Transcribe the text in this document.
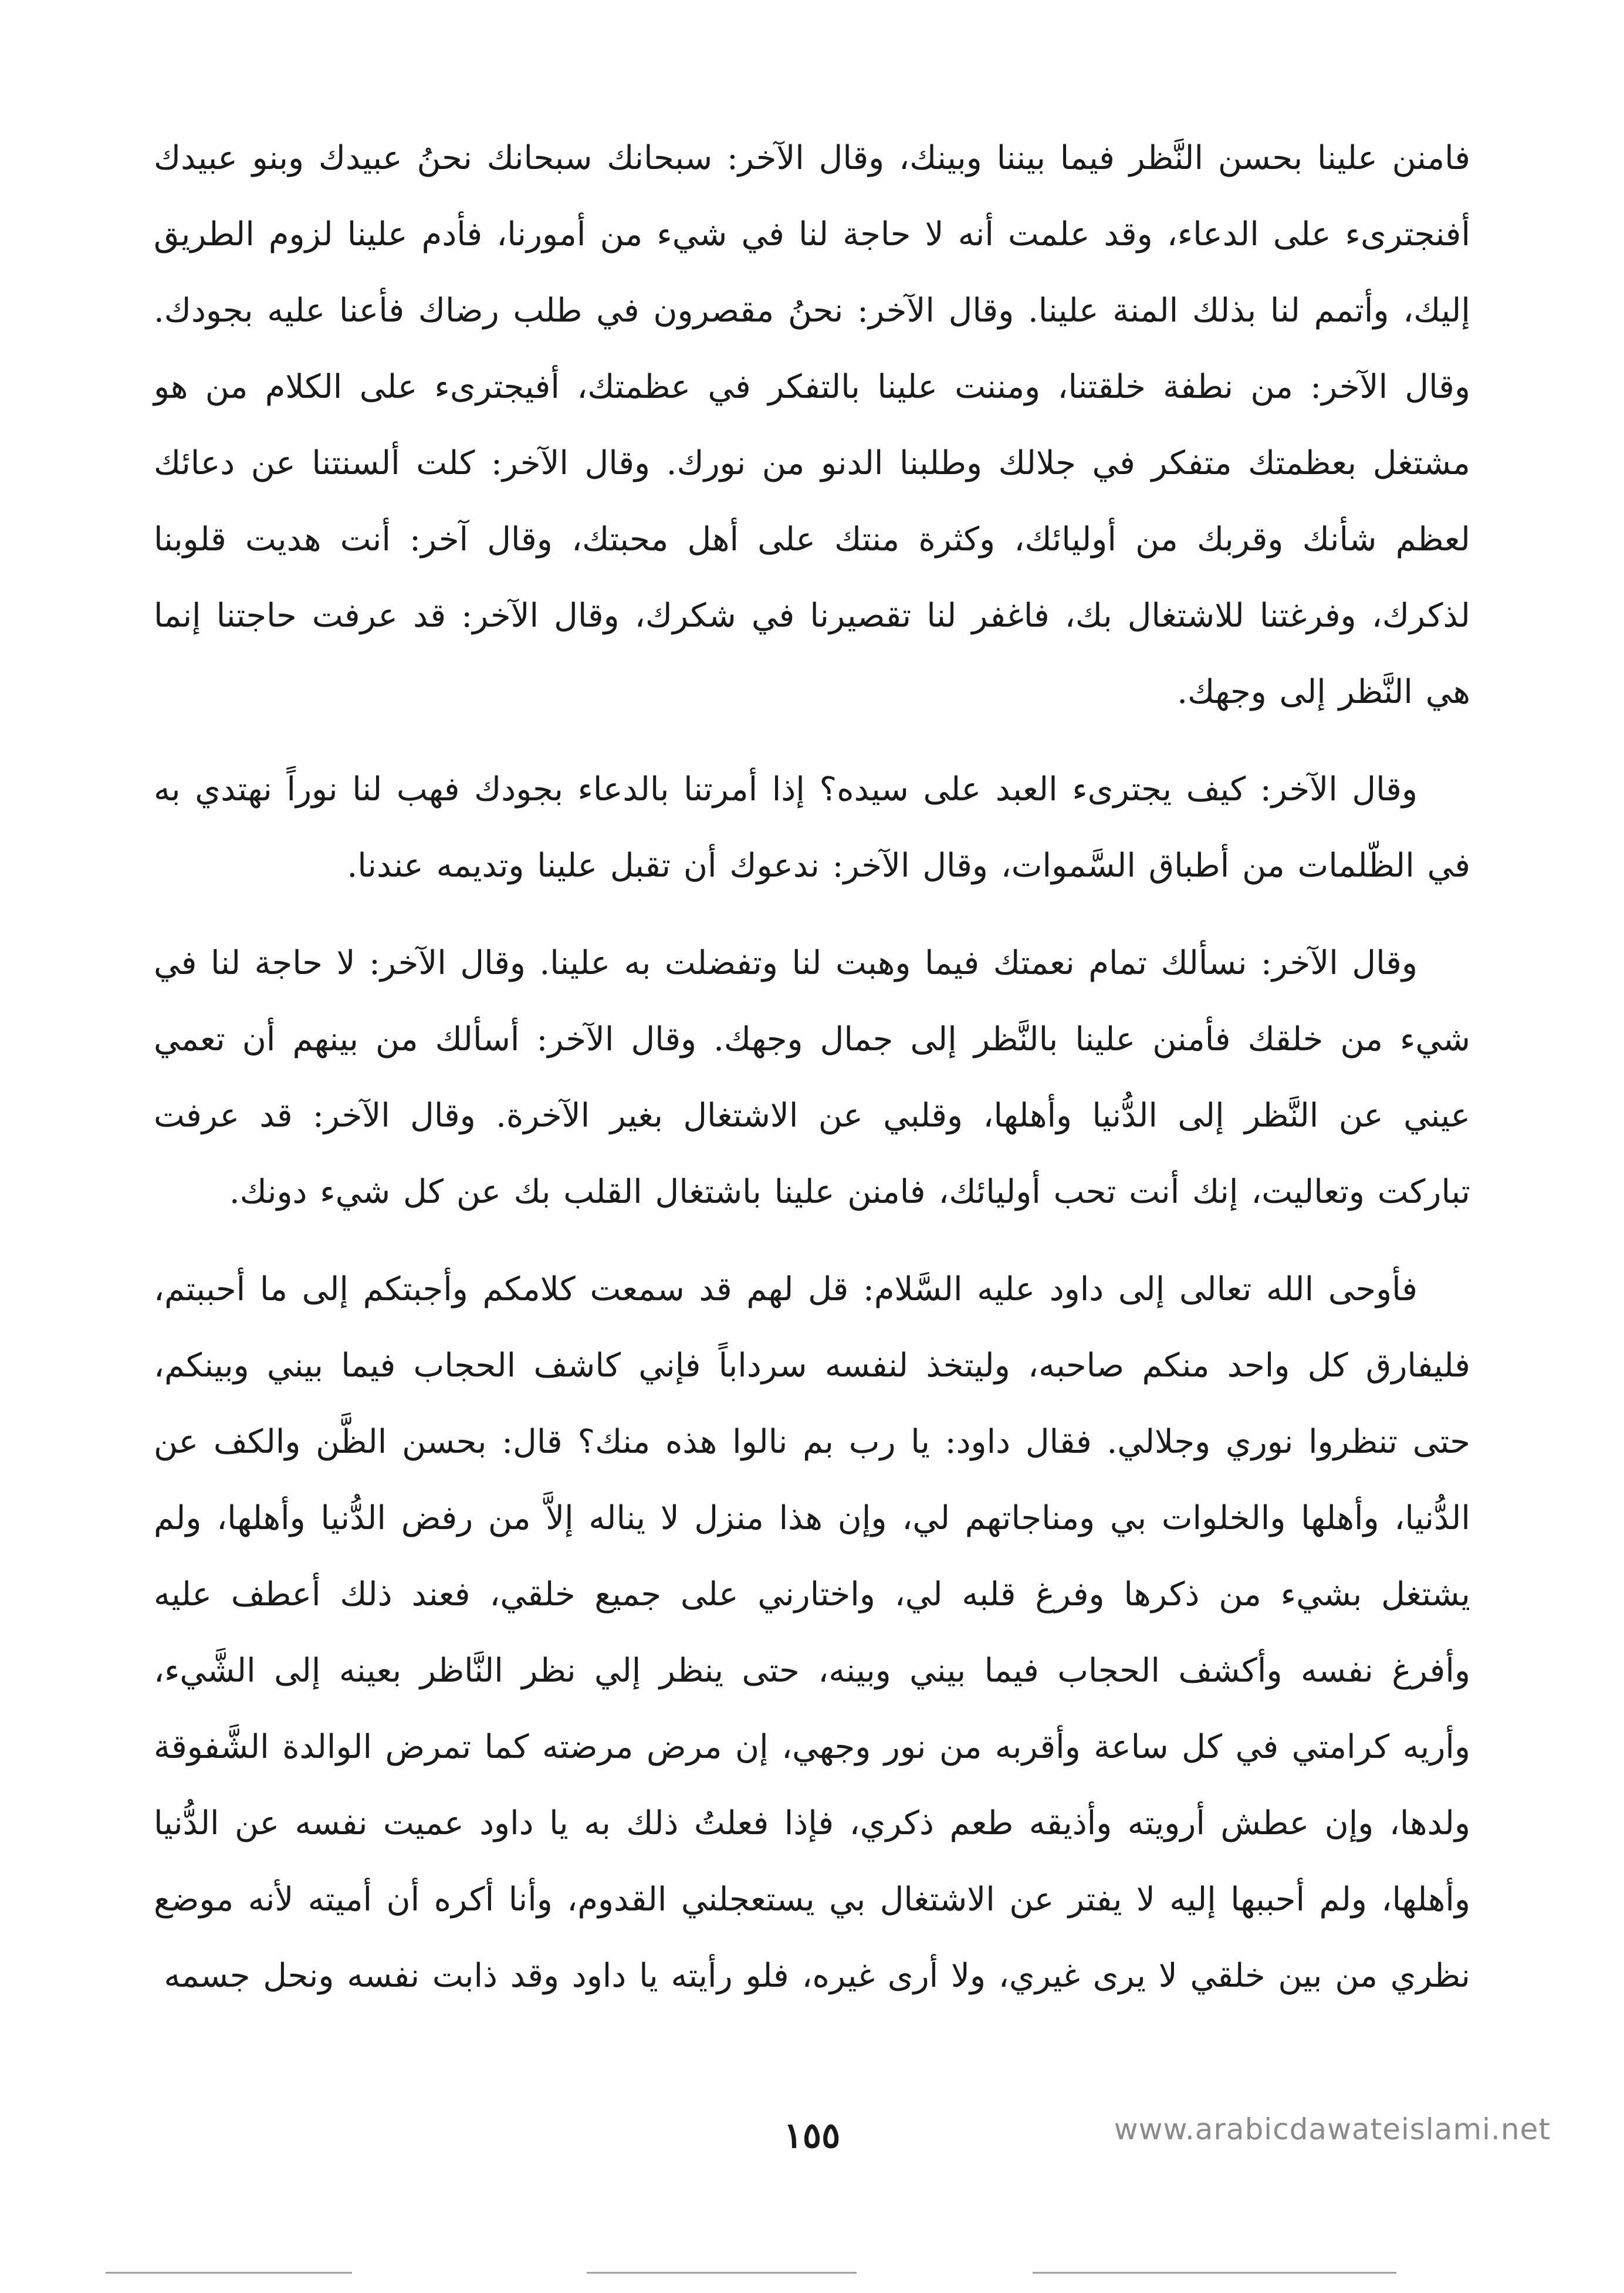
فامنن علينا بحسن النَّظر فيما بيننا وبينك، وقال الآخر: سبحانك سبحانك نحنُ عبيدك وبنو عبيدك أفنجترىء على الدعاء، وقد علمت أنه لا حاجة لنا في شيء من أمورنا، فأدم علينا لزوم الطريق إليك، وأتمم لنا بذلك المنة علينا. وقال الآخر: نحنُ مقصرون في طلب رضاك فأعنا عليه بجودك. وقال الآخر: من نطفة خلقتنا، ومننت علينا بالتفكر في عظمتك، أفيجترىء على الكلام من هو مشتغل بعظمتك متفكر في جلالك وطلبنا الدنو من نورك. وقال الآخر: كلت ألسنتنا عن دعائك لعظم شأنك وقربك من أوليائك، وكثرة منتك على أهل محبتك، وقال آخر: أنت هديت قلوبنا لذكرك، وفرغتنا للاشتغال بك، فاغفر لنا تقصيرنا في شكرك، وقال الآخر: قد عرفت حاجتنا إنما هي النَّظر إلى وجهك.

وقال الآخر: كيف يجترىء العبد على سيده؟ إذا أمرتنا بالدعاء بجودك فهب لنا نوراً نهتدي به في الظّلمات من أطباق السَّموات، وقال الآخر: ندعوك أن تقبل علينا وتديمه عندنا.

وقال الآخر: نسألك تمام نعمتك فيما وهبت لنا وتفضلت به علينا. وقال الآخر: لا حاجة لنا في شيء من خلقك فأمنن علينا بالنَّظر إلى جمال وجهك. وقال الآخر: أسألك من بينهم أن تعمي عيني عن النَّظر إلى الدُّنيا وأهلها، وقلبي عن الاشتغال بغير الآخرة. وقال الآخر: قد عرفت تباركت وتعاليت، إنك أنت تحب أوليائك، فامنن علينا باشتغال القلب بك عن كل شيء دونك.

فأوحى الله تعالى إلى داود عليه السَّلام: قل لهم قد سمعت كلامكم وأجبتكم إلى ما أحببتم، فليفارق كل واحد منكم صاحبه، وليتخذ لنفسه سرداباً فإني كاشف الحجاب فيما بيني وبينكم، حتى تنظروا نوري وجلالي. فقال داود: يا رب بم نالوا هذه منك؟ قال: بحسن الظَّن والكف عن الدُّنيا، وأهلها والخلوات بي ومناجاتهم لي، وإن هذا منزل لا يناله إلاَّ من رفض الدُّنيا وأهلها، ولم يشتغل بشيء من ذكرها وفرغ قلبه لي، واختارني على جميع خلقي، فعند ذلك أعطف عليه وأفرغ نفسه وأكشف الحجاب فيما بيني وبينه، حتى ينظر إلي نظر النَّاظر بعينه إلى الشَّيء، وأريه كرامتي في كل ساعة وأقربه من نور وجهي، إن مرض مرضته كما تمرض الوالدة الشَّفوقة ولدها، وإن عطش أرويته وأذيقه طعم ذكري، فإذا فعلتُ ذلك به يا داود عميت نفسه عن الدُّنيا وأهلها، ولم أحببها إليه لا يفتر عن الاشتغال بي يستعجلني القدوم، وأنا أكره أن أميته لأنه موضع نظري من بين خلقي لا يرى غيري، ولا أرى غيره، فلو رأيته يا داود وقد ذابت نفسه ونحل جسمه

١٥٥	www.arabicdawateislami.net
